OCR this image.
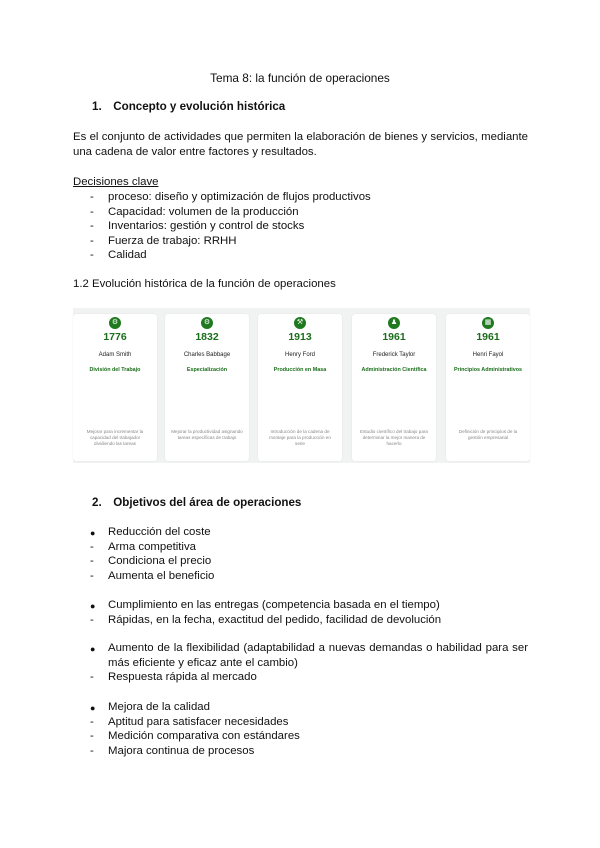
Tema 8: la función de operaciones
1. Concepto y evolución histórica
Es el conjunto de actividades que permiten la elaboración de bienes y servicios, mediante una cadena de valor entre factores y resultados.
Decisiones clave
- proceso: diseño y optimización de flujos productivos
- Capacidad: volumen de la producción
- Inventarios: gestión y control de stocks
- Fuerza de trabajo: RRHH
- Calidad
1.2 Evolución histórica de la función de operaciones
⚙
1776
Adam Smith
División del Trabajo
Mejorar para incrementar la capacidad del trabajador dividiendo las tareas
⚙
1832
Charles Babbage
Especialización
Mejorar la productividad asignando tareas específicas de trabajo
⚒
1913
Henry Ford
Producción en Masa
Introducción de la cadena de montaje para la producción en serie
♟
1961
Frederick Taylor
Administración Científica
Estudio científico del trabajo para determinar la mejor manera de hacerlo
▦
1961
Henri Fayol
Principios Administrativos
Definición de principios de la gestión empresarial
2. Objetivos del área de operaciones
● Reducción del coste
- Arma competitiva
- Condiciona el precio
- Aumenta el beneficio
● Cumplimiento en las entregas (competencia basada en el tiempo)
- Rápidas, en la fecha, exactitud del pedido, facilidad de devolución
● Aumento de la flexibilidad (adaptabilidad a nuevas demandas o habilidad para ser más eficiente y eficaz ante el cambio)
- Respuesta rápida al mercado
● Mejora de la calidad
- Aptitud para satisfacer necesidades
- Medición comparativa con estándares
- Majora continua de procesos
